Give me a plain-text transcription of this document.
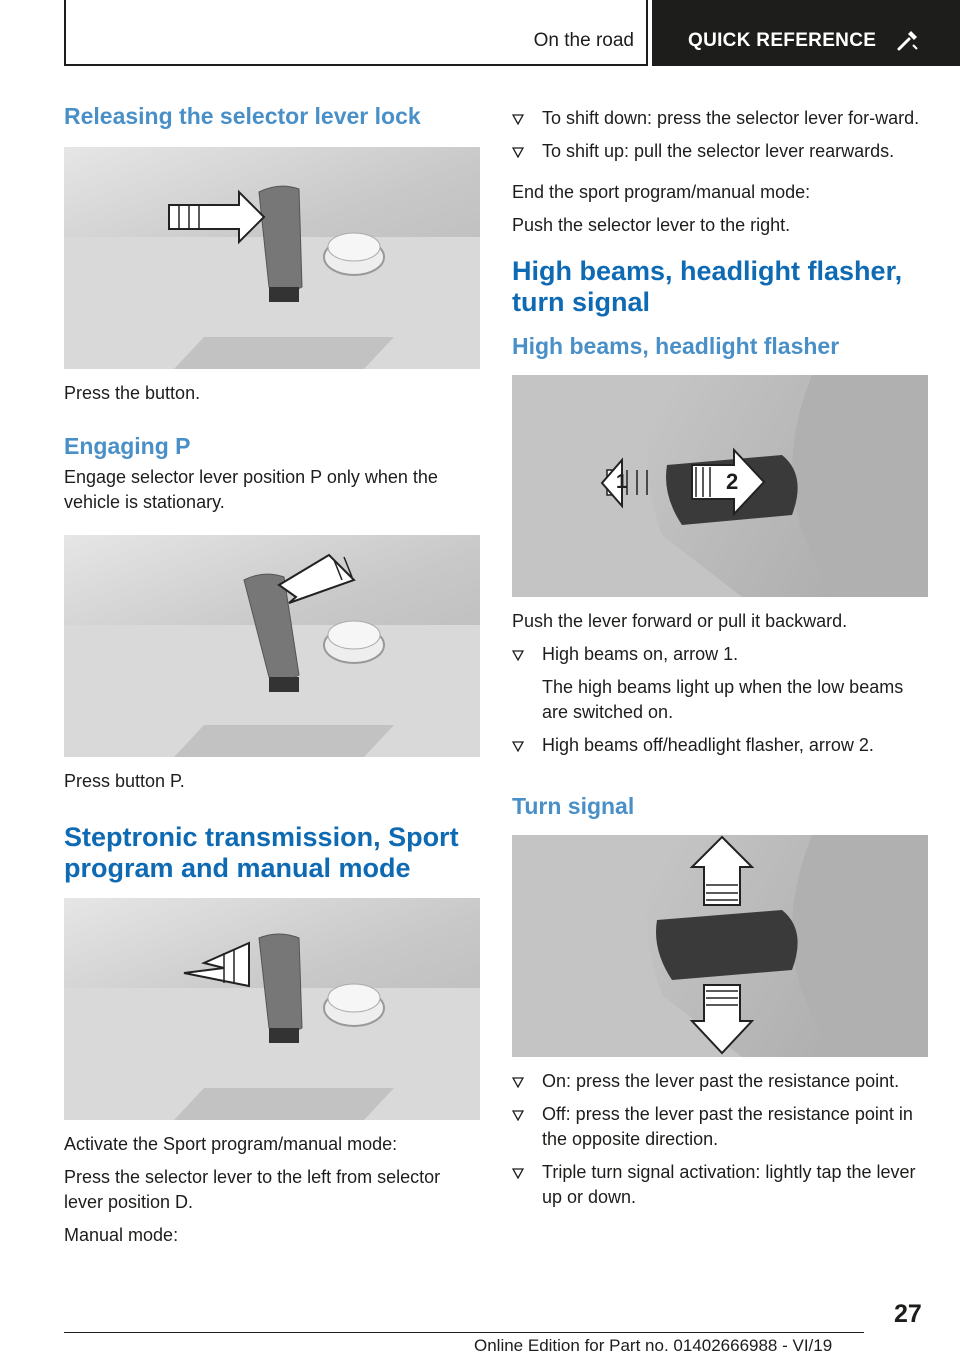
On the road	QUICK REFERENCE
Releasing the selector lever lock

Press the button.

Engaging P

Engage selector lever position P only when the vehicle is stationary.

Press button P.

Steptronic transmission, Sport program and manual mode

Activate the Sport program/manual mode:

Press the selector lever to the left from selector lever position D.

Manual mode:

To shift down: press the selector lever for-ward.
To shift up: pull the selector lever rearwards.

End the sport program/manual mode:

Push the selector lever to the right.

High beams, headlight flasher, turn signal
High beams, headlight flasher
1	2

Push the lever forward or pull it backward.

High beams on, arrow 1.

The high beams light up when the low beams are switched on.

High beams off/headlight flasher, arrow 2.
Turn signal
On: press the lever past the resistance point.
Off: press the lever past the resistance point in the opposite direction.
Triple turn signal activation: lightly tap the lever up or down.
27
Online Edition for Part no. 01402666988 - VI/19
